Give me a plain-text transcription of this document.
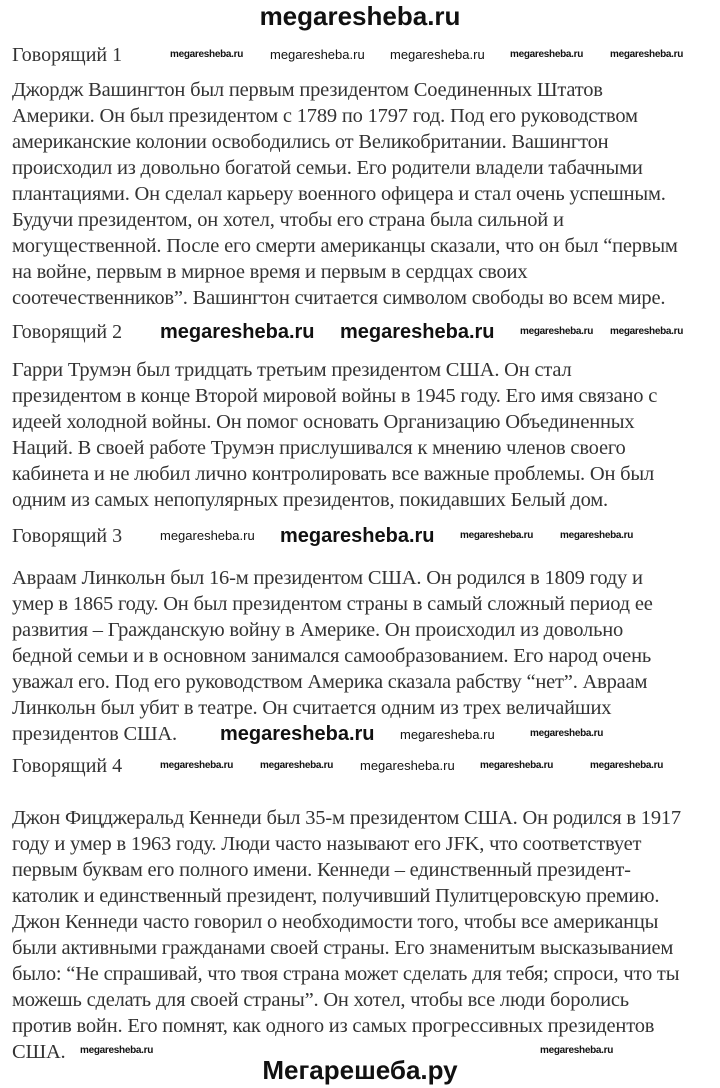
megaresheba.ru
Говорящий 1
Джордж Вашингтон был первым президентом Соединенных Штатов
Америки. Он был президентом с 1789 по 1797 год. Под его руководством
американские колонии освободились от Великобритании. Вашингтон
происходил из довольно богатой семьи. Его родители владели табачными
плантациями. Он сделал карьеру военного офицера и стал очень успешным.
Будучи президентом, он хотел, чтобы его страна была сильной и
могущественной. После его смерти американцы сказали, что он был “первым
на войне, первым в мирное время и первым в сердцах своих
соотечественников”. Вашингтон считается символом свободы во всем мире.
Говорящий 2
Гарри Трумэн был тридцать третьим президентом США. Он стал
президентом в конце Второй мировой войны в 1945 году. Его имя связано с
идеей холодной войны. Он помог основать Организацию Объединенных
Наций. В своей работе Трумэн прислушивался к мнению членов своего
кабинета и не любил лично контролировать все важные проблемы. Он был
одним из самых непопулярных президентов, покидавших Белый дом.
Говорящий 3
Авраам Линкольн был 16-м президентом США. Он родился в 1809 году и
умер в 1865 году. Он был президентом страны в самый сложный период ее
развития – Гражданскую войну в Америке. Он происходил из довольно
бедной семьи и в основном занимался самообразованием. Его народ очень
уважал его. Под его руководством Америка сказала рабству “нет”. Авраам
Линкольн был убит в театре. Он считается одним из трех величайших
президентов США.
Говорящий 4
Джон Фицджеральд Кеннеди был 35-м президентом США. Он родился в 1917
году и умер в 1963 году. Люди часто называют его JFK, что соответствует
первым буквам его полного имени. Кеннеди – единственный президент-
католик и единственный президент, получивший Пулитцеровскую премию.
Джон Кеннеди часто говорил о необходимости того, чтобы все американцы
были активными гражданами своей страны. Его знаменитым высказыванием
было: “Не спрашивай, что твоя страна может сделать для тебя; спроси, что ты
можешь сделать для своей страны”. Он хотел, чтобы все люди боролись
против войн. Его помнят, как одного из самых прогрессивных президентов
США.
Мегарешеба.ру
megaresheba.ru megaresheba.ru megaresheba.ru	megaresheba.ru	megaresheba.ru
megaresheba.ru megaresheba.ru	megaresheba.ru megaresheba.ru
megaresheba.ru megaresheba.ru	megaresheba.ru	megaresheba.ru
megaresheba.ru megaresheba.ru	megaresheba.ru
megaresheba.ru	megaresheba.ru megaresheba.ru	megaresheba.ru	megaresheba.ru
megaresheba.ru	megaresheba.ru
